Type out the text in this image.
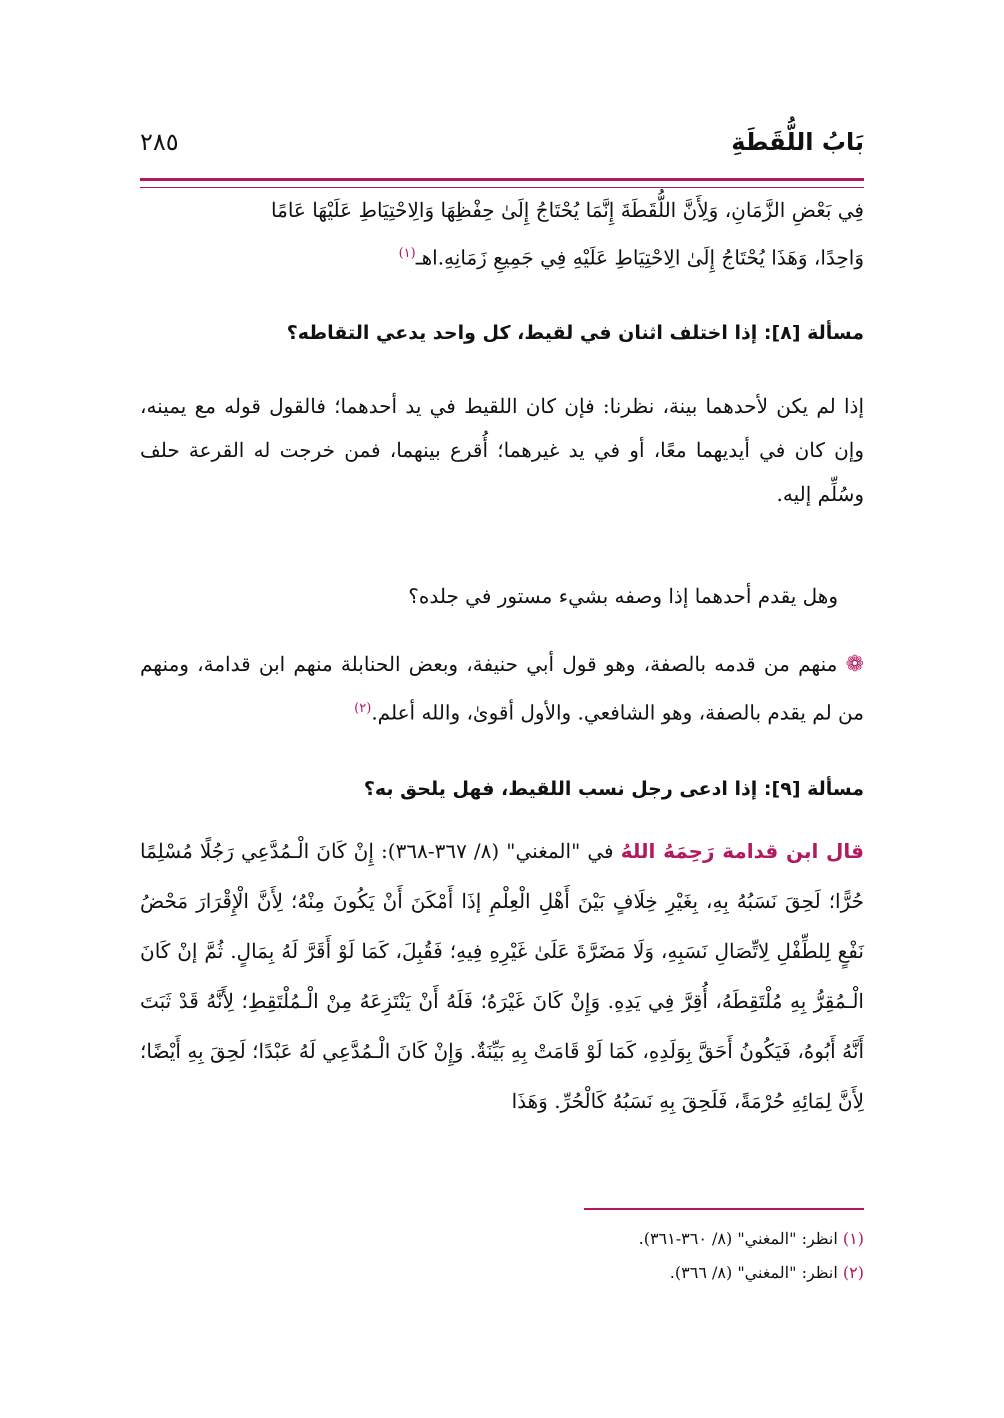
بَابُ اللُّقَطَةِ
٢٨٥
فِي بَعْضِ الزَّمَانِ، وَلِأَنَّ اللُّقَطَةَ إِنَّمَا يُحْتَاجُ إِلَىٰ حِفْظِهَا وَالِاحْتِيَاطِ عَلَيْهَا عَامًا
وَاحِدًا، وَهَذَا يُحْتَاجُ إِلَىٰ الِاحْتِيَاطِ عَلَيْهِ فِي جَمِيعِ زَمَانِهِ.اهـ$^{(١)}$
مسألة [٨]: إذا اختلف اثنان في لقيط، كل واحد يدعي التقاطه؟
إذا لم يكن لأحدهما بينة، نظرنا: فإن كان اللقيط في يد أحدهما؛ فالقول قوله مع يمينه، وإن كان في أيديهما معًا، أو في يد غيرهما؛ أُقرع بينهما، فمن خرجت له القرعة حلف وسُلِّم إليه.
وهل يقدم أحدهما إذا وصفه بشيء مستور في جلده؟
❁ منهم من قدمه بالصفة، وهو قول أبي حنيفة، وبعض الحنابلة منهم ابن قدامة، ومنهم من لم يقدم بالصفة، وهو الشافعي. والأول أقوىٰ، والله أعلم.$^{(٢)}$
مسألة [٩]: إذا ادعى رجل نسب اللقيط، فهل يلحق به؟
قال ابن قدامة رَحِمَهُ اللهُ في "المغني" (٨/ ٣٦٧-٣٦٨): إِنْ كَانَ الْـمُدَّعِي رَجُلًا مُسْلِمًا حُرًّا؛ لَحِقَ نَسَبُهُ بِهِ، بِغَيْرِ خِلَافٍ بَيْنَ أَهْلِ الْعِلْمِ إذَا أَمْكَنَ أَنْ يَكُونَ مِنْهُ؛ لِأَنَّ الْإِقْرَارَ مَحْضُ نَفْعٍ لِلطِّفْلِ لِاتِّصَالِ نَسَبِهِ، وَلَا مَضَرَّةَ عَلَىٰ غَيْرِهِ فِيهِ؛ فَقُبِلَ، كَمَا لَوْ أَقَرَّ لَهُ بِمَالٍ. ثُمَّ إنْ كَانَ الْـمُقِرُّ بِهِ مُلْتَقِطَهُ، أُقِرَّ فِي يَدِهِ. وَإِنْ كَانَ غَيْرَهُ؛ فَلَهُ أَنْ يَنْتَزِعَهُ مِنْ الْـمُلْتَقِطِ؛ لِأَنَّهُ قَدْ ثَبَتَ أَنَّهُ أَبُوهُ، فَيَكُونُ أَحَقَّ بِوَلَدِهِ، كَمَا لَوْ قَامَتْ بِهِ بَيِّنَةٌ. وَإِنْ كَانَ الْـمُدَّعِي لَهُ عَبْدًا؛ لَحِقَ بِهِ أَيْضًا؛ لِأَنَّ لِمَائِهِ حُرْمَةً، فَلَحِقَ بِهِ نَسَبُهُ كَالْحُرِّ. وَهَذَا
(١) انظر: "المغني" (٨/ ٣٦٠-٣٦١).
(٢) انظر: "المغني" (٨/ ٣٦٦).
